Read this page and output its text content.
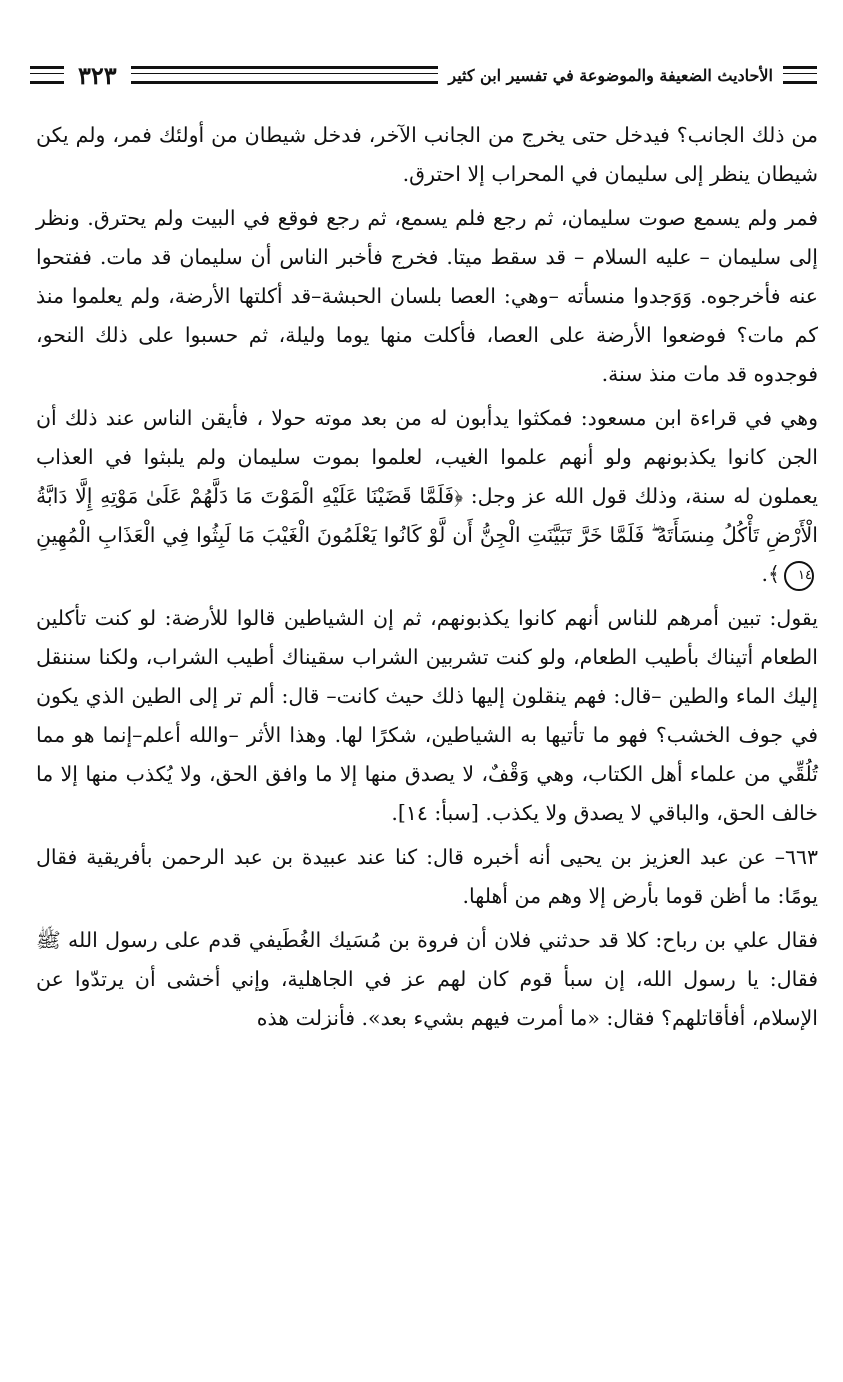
الأحاديث الضعيفة والموضوعة في تفسير ابن كثير
٣٢٣

من ذلك الجانب؟ فيدخل حتى يخرج من الجانب الآخر، فدخل شيطان من أولئك فمر، ولم يكن شيطان ينظر إلى سليمان في المحراب إلا احترق.

فمر ولم يسمع صوت سليمان، ثم رجع فلم يسمع، ثم رجع فوقع في البيت ولم يحترق. ونظر إلى سليمان – عليه السلام – قد سقط ميتا. فخرج فأخبر الناس أن سليمان قد مات. ففتحوا عنه فأخرجوه. وَوَجدوا منسأته –وهي: العصا بلسان الحبشة–قد أكلتها الأرضة، ولم يعلموا منذ كم مات؟ فوضعوا الأرضة على العصا، فأكلت منها يوما وليلة، ثم حسبوا على ذلك النحو، فوجدوه قد مات منذ سنة.

وهي في قراءة ابن مسعود: فمكثوا يدأبون له من بعد موته حولا ، فأيقن الناس عند ذلك أن الجن كانوا يكذبونهم ولو أنهم علموا الغيب، لعلموا بموت سليمان ولم يلبثوا في العذاب يعملون له سنة، وذلك قول الله عز وجل: ﴿فَلَمَّا قَضَيْنَا عَلَيْهِ الْمَوْتَ مَا دَلَّهُمْ عَلَىٰ مَوْتِهِ إِلَّا دَابَّةُ الْأَرْضِ تَأْكُلُ مِنسَأَتَهُ ۖ فَلَمَّا خَرَّ تَبَيَّنَتِ الْجِنُّ أَن لَّوْ كَانُوا يَعْلَمُونَ الْغَيْبَ مَا لَبِثُوا فِي الْعَذَابِ الْمُهِينِ ١٤﴾.

يقول: تبين أمرهم للناس أنهم كانوا يكذبونهم، ثم إن الشياطين قالوا للأرضة: لو كنت تأكلين الطعام أتيناك بأطيب الطعام، ولو كنت تشربين الشراب سقيناك أطيب الشراب، ولكنا سننقل إليك الماء والطين –قال: فهم ينقلون إليها ذلك حيث كانت– قال: ألم تر إلى الطين الذي يكون في جوف الخشب؟ فهو ما تأتيها به الشياطين، شكرًا لها. وهذا الأثر –والله أعلم–إنما هو مما تُلُقِّي من علماء أهل الكتاب، وهي وَقْفٌ، لا يصدق منها إلا ما وافق الحق، ولا يُكذب منها إلا ما خالف الحق، والباقي لا يصدق ولا يكذب. [سبأ: ١٤].

٦٦٣– عن عبد العزيز بن يحيى أنه أخبره قال: كنا عند عبيدة بن عبد الرحمن بأفريقية فقال يومًا: ما أظن قوما بأرض إلا وهم من أهلها.

فقال علي بن رباح: كلا قد حدثني فلان أن فروة بن مُسَيك الغُطَيفي قدم على رسول الله ﷺ فقال: يا رسول الله، إن سبأ قوم كان لهم عز في الجاهلية، وإني أخشى أن يرتدّوا عن الإسلام، أفأقاتلهم؟ فقال: «ما أمرت فيهم بشيء بعد». فأنزلت هذه
